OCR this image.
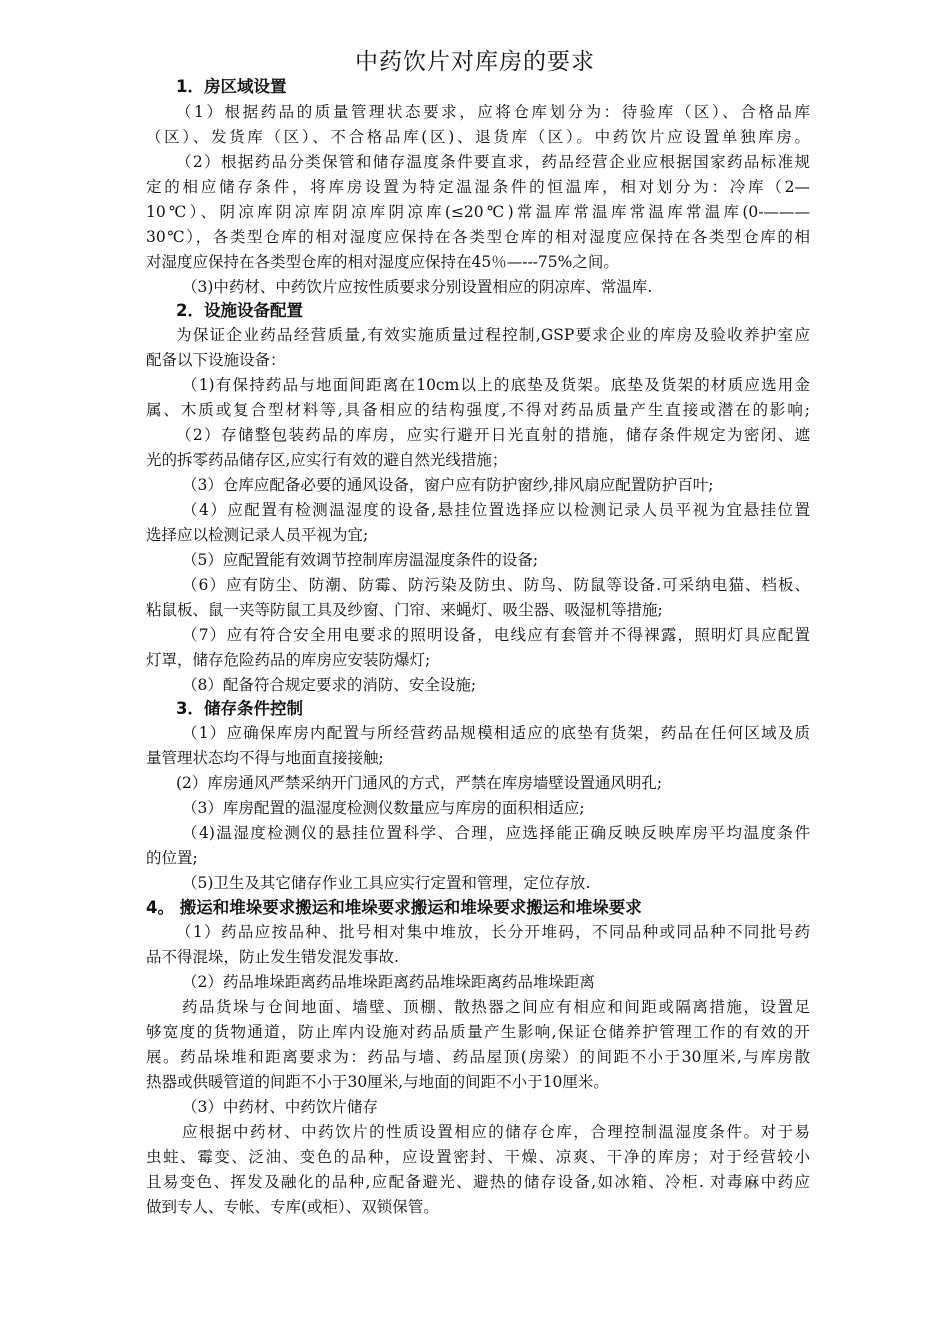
中药饮片对库房的要求
1．房区域设置
（1）根据药品的质量管理状态要求，应将仓库划分为：待验库（区）、合格品库
（区）、发货库（区）、不合格品库(区)、退货库（区）。中药饮片应设置单独库房。
（2）根据药品分类保管和储存温度条件要直求，药品经营企业应根据国家药品标准规
定的相应储存条件，将库房设置为特定温湿条件的恒温库，相对划分为：冷库（2—
10℃）、阴凉库阴凉库阴凉库阴凉库(≤20℃)常温库常温库常温库常温库(0-———
30℃），各类型仓库的相对湿度应保持在各类型仓库的相对湿度应保持在各类型仓库的相
对湿度应保持在各类型仓库的相对湿度应保持在45％—---75%之间。
（3)中药材、中药饮片应按性质要求分别设置相应的阴凉库、常温库.
2．设施设备配置
为保证企业药品经营质量,有效实施质量过程控制,GSP要求企业的库房及验收养护室应
配备以下设施设备：
（1)有保持药品与地面间距离在10cm以上的底垫及货架。底垫及货架的材质应选用金
属、木质或复合型材料等,具备相应的结构强度,不得对药品质量产生直接或潜在的影响;
（2）存储整包装药品的库房，应实行避开日光直射的措施，储存条件规定为密闭、遮
光的拆零药品储存区,应实行有效的避自然光线措施；
（3）仓库应配备必要的通风设备，窗户应有防护窗纱,排风扇应配置防护百叶;
（4）应配置有检测温湿度的设备,悬挂位置选择应以检测记录人员平视为宜悬挂位置
选择应以检测记录人员平视为宜;
（5）应配置能有效调节控制库房温湿度条件的设备;
（6）应有防尘、防潮、防霉、防污染及防虫、防鸟、防鼠等设备.可采纳电猫、档板、
粘鼠板、鼠一夹等防鼠工具及纱窗、门帘、来蝇灯、吸尘器、吸湿机等措施;
（7）应有符合安全用电要求的照明设备，电线应有套管并不得裸露，照明灯具应配置
灯罩，储存危险药品的库房应安装防爆灯;
（8）配备符合规定要求的消防、安全设施;
3．储存条件控制
（1）应确保库房内配置与所经营药品规模相适应的底垫有货架，药品在任何区域及质
量管理状态均不得与地面直接接触;
(2）库房通风严禁采纳开门通风的方式，严禁在库房墙壁设置通风明孔;
（3）库房配置的温湿度检测仪数量应与库房的面积相适应;
（4)温湿度检测仪的悬挂位置科学、合理，应选择能正确反映反映库房平均温度条件
的位置;
（5)卫生及其它储存作业工具应实行定置和管理，定位存放.
4。 搬运和堆垛要求搬运和堆垛要求搬运和堆垛要求搬运和堆垛要求
（1）药品应按品种、批号相对集中堆放，长分开堆码，不同品种或同品种不同批号药
品不得混垛，防止发生错发混发事故.
（2）药品堆垛距离药品堆垛距离药品堆垛距离药品堆垛距离
药品货垛与仓间地面、墙壁、顶棚、散热器之间应有相应和间距或隔离措施，设置足
够宽度的货物通道，防止库内设施对药品质量产生影响,保证仓储养护管理工作的有效的开
展。药品垛堆和距离要求为：药品与墙、药品屋顶(房梁）的间距不小于30厘米,与库房散
热器或供暖管道的间距不小于30厘米,与地面的间距不小于10厘米。
（3）中药材、中药饮片储存
应根据中药材、中药饮片的性质设置相应的储存仓库，合理控制温湿度条件。对于易
虫蛀、霉变、泛油、变色的品种，应设置密封、干燥、凉爽、干净的库房；对于经营较小
且易变色、挥发及融化的品种,应配备避光、避热的储存设备,如冰箱、冷柜. 对毒麻中药应
做到专人、专帐、专库(或柜）、双锁保管。
